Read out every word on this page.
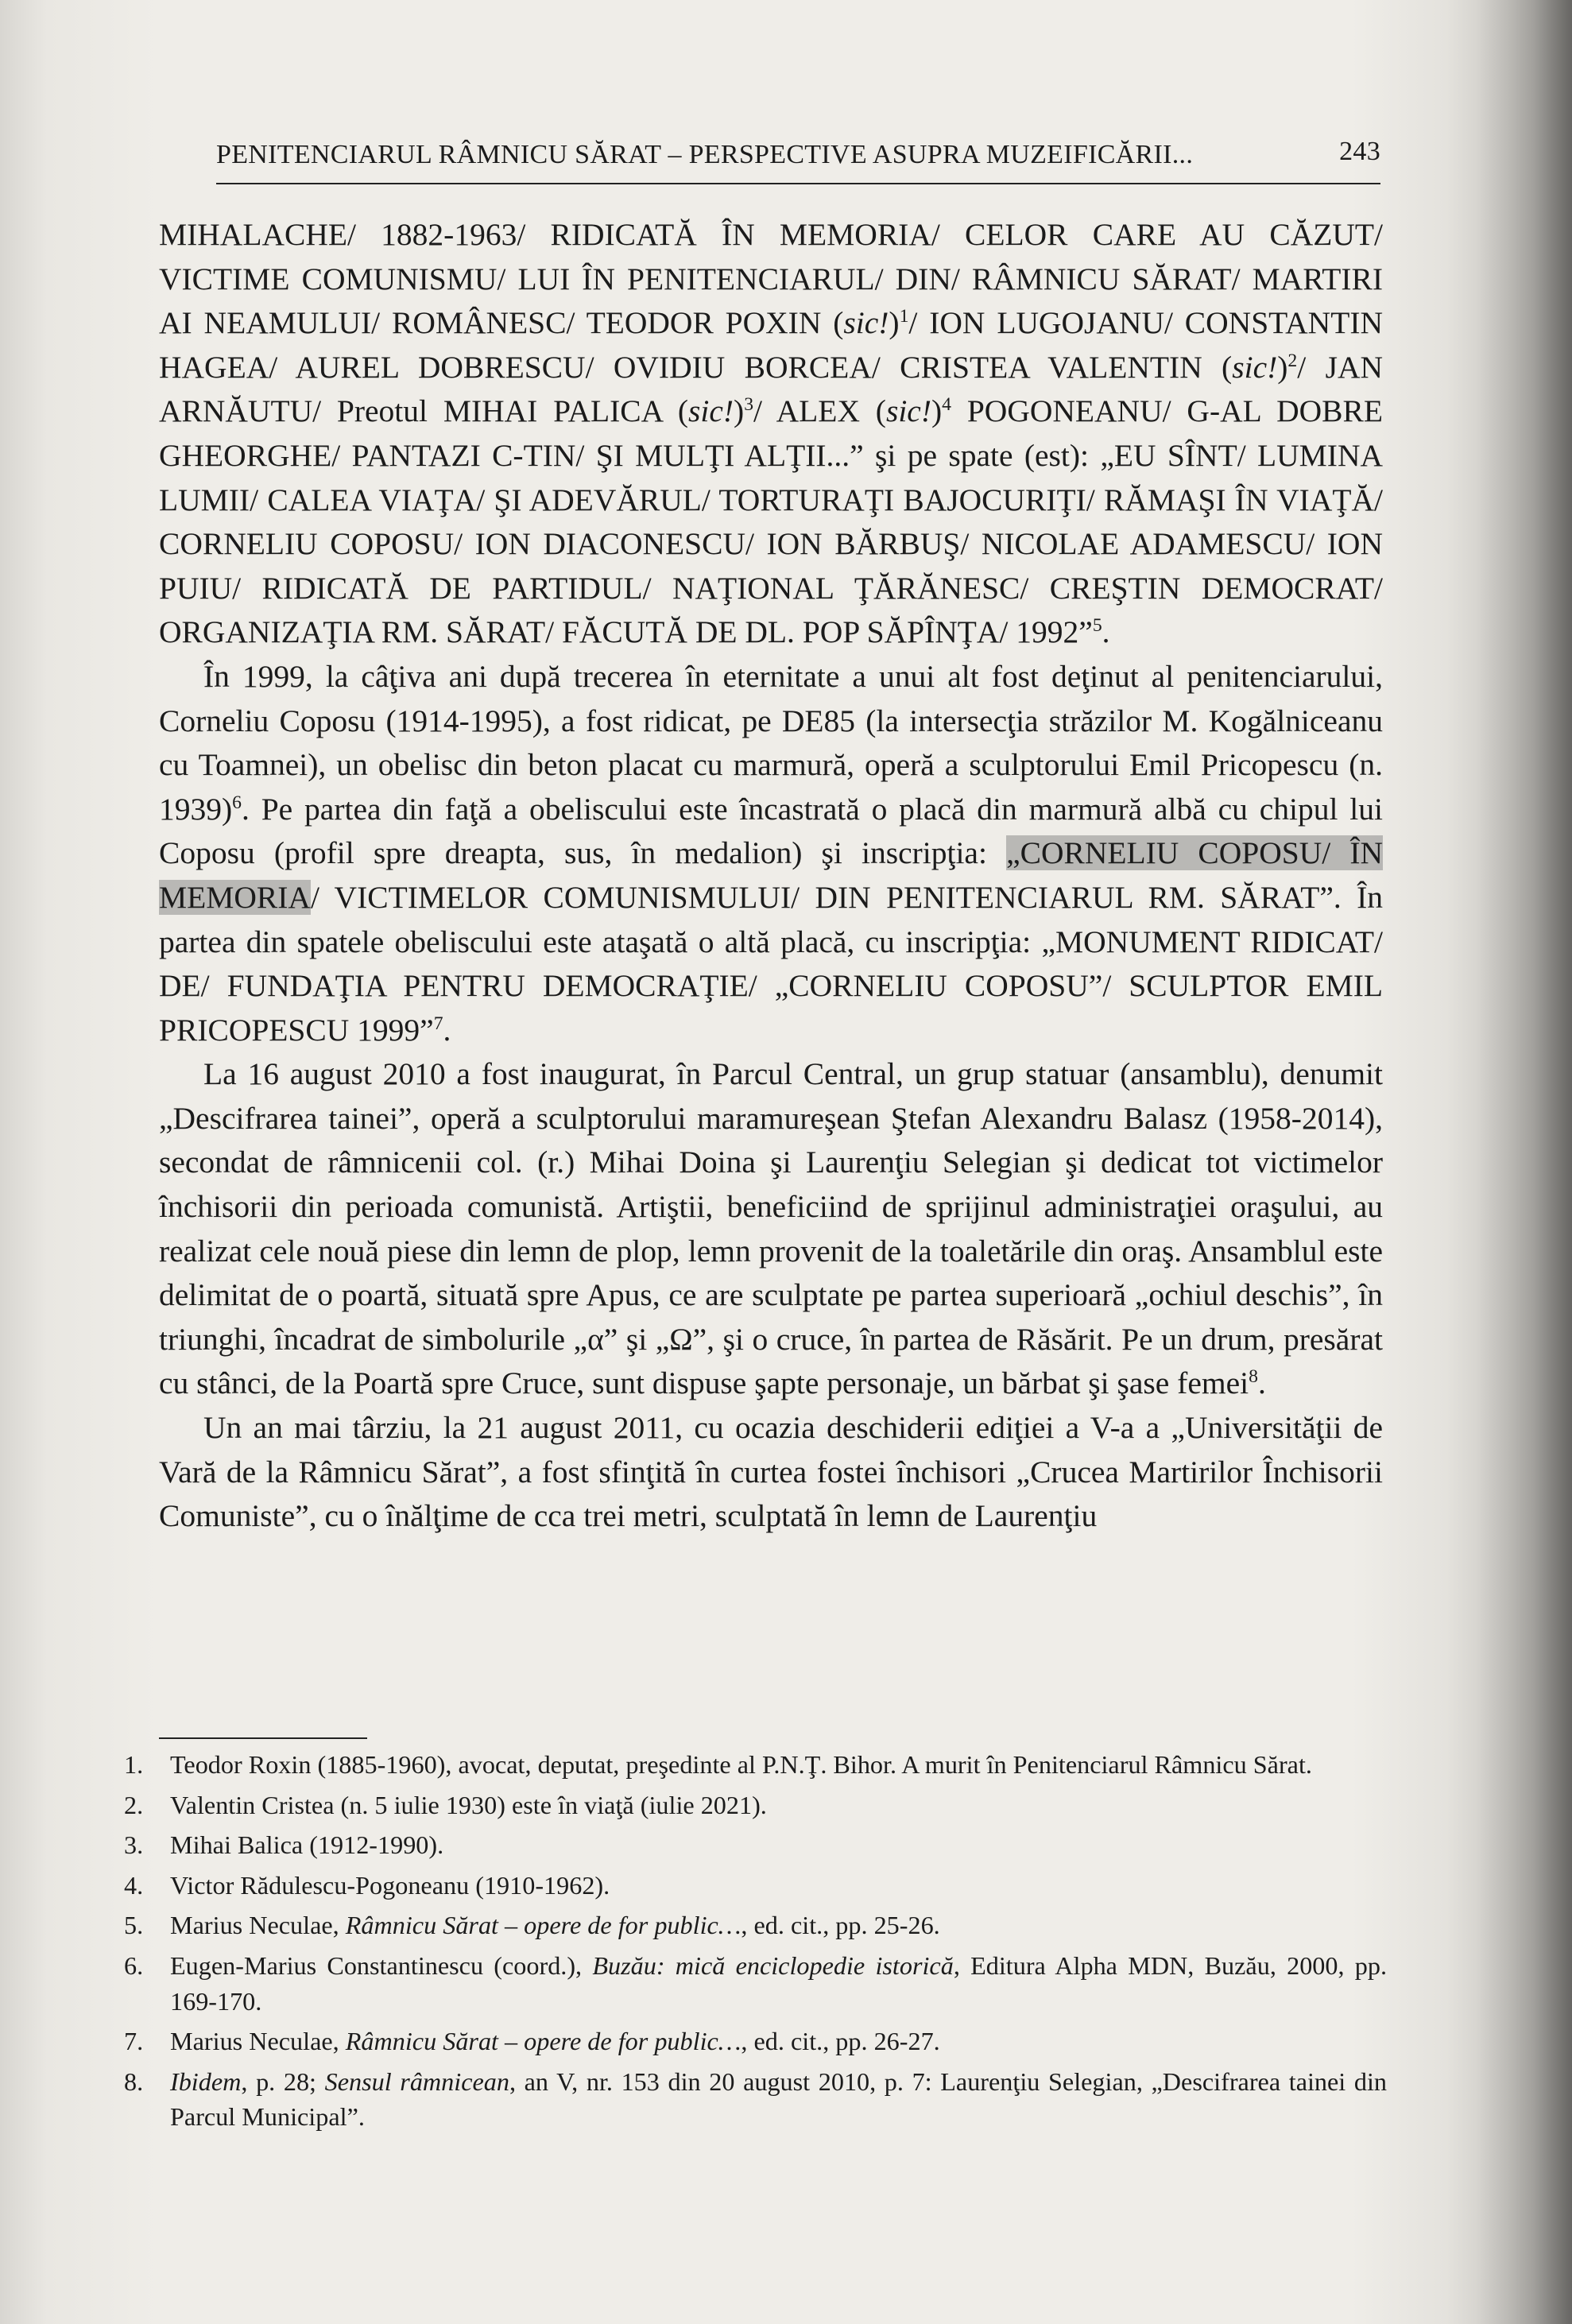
PENITENCIARUL RÂMNICU SĂRAT – PERSPECTIVE ASUPRA MUZEIFICĂRII...	243

MIHALACHE/ 1882-1963/ RIDICATĂ ÎN MEMORIA/ CELOR CARE AU CĂZUT/ VICTIME COMUNISMU/ LUI ÎN PENITENCIARUL/ DIN/ RÂMNICU SĂRAT/ MARTIRI AI NEAMULUI/ ROMÂNESC/ TEODOR POXIN $(sic!)^1/$ ION LUGOJANU/ CONSTANTIN HAGEA/ AUREL DOBRESCU/ OVIDIU BORCEA/ CRISTEA VALENTIN $(sic!)^2/$ JAN ARNĂUTU/ Preotul MIHAI PALICA $(sic!)^3/$ ALEX $(sic!)^4$ POGONEANU/ G-AL DOBRE GHEORGHE/ PANTAZI C-TIN/ ŞI MULŢI ALŢII...” şi pe spate (est): „EU SÎNT/ LUMINA LUMII/ CALEA VIAŢA/ ŞI ADEVĂRUL/ TORTURAŢI BAJOCURIŢI/ RĂMAŞI ÎN VIAŢĂ/ CORNELIU COPOSU/ ION DIACONESCU/ ION BĂRBUŞ/ NICOLAE ADAMESCU/ ION PUIU/ RIDICATĂ DE PARTIDUL/ NAŢIONAL ŢĂRĂNESC/ CREŞTIN DEMOCRAT/ ORGANIZAŢIA RM. SĂRAT/ FĂCUTĂ DE DL. POP SĂPÎNŢA/ 1992”$^5$.

În 1999, la câţiva ani după trecerea în eternitate a unui alt fost deţinut al penitenciarului, Corneliu Coposu (1914-1995), a fost ridicat, pe DE85 (la intersecţia străzilor M. Kogălniceanu cu Toamnei), un obelisc din beton placat cu marmură, operă a sculptorului Emil Pricopescu (n. 1939)$^6$. Pe partea din faţă a obeliscului este încastrată o placă din marmură albă cu chipul lui Coposu (profil spre dreapta, sus, în medalion) şi inscripţia: „CORNELIU COPOSU/ ÎN MEMORIA/ VICTIMELOR COMUNISMULUI/ DIN PENITENCIARUL RM. SĂRAT”. În partea din spatele obeliscului este ataşată o altă placă, cu inscripţia: „MONUMENT RIDICAT/ DE/ FUNDAŢIA PENTRU DEMOCRAŢIE/ „CORNELIU COPOSU”/ SCULPTOR EMIL PRICOPESCU 1999”$^7$.

La 16 august 2010 a fost inaugurat, în Parcul Central, un grup statuar (ansamblu), denumit „Descifrarea tainei”, operă a sculptorului maramureşean Ştefan Alexandru Balasz (1958-2014), secondat de râmnicenii col. (r.) Mihai Doina şi Laurenţiu Selegian şi dedicat tot victimelor închisorii din perioada comunistă. Artiştii, beneficiind de sprijinul administraţiei oraşului, au realizat cele nouă piese din lemn de plop, lemn provenit de la toaletările din oraş. Ansamblul este delimitat de o poartă, situată spre Apus, ce are sculptate pe partea superioară „ochiul deschis”, în triunghi, încadrat de simbolurile „α” şi „Ω”, şi o cruce, în partea de Răsărit. Pe un drum, presărat cu stânci, de la Poartă spre Cruce, sunt dispuse şapte personaje, un bărbat şi şase femei$^8$.

Un an mai târziu, la 21 august 2011, cu ocazia deschiderii ediţiei a V-a a „Universităţii de Vară de la Râmnicu Sărat”, a fost sfinţită în curtea fostei închisori „Crucea Martirilor Închisorii Comuniste”, cu o înălţime de cca trei metri, sculptată în lemn de Laurenţiu

1. Teodor Roxin (1885-1960), avocat, deputat, preşedinte al P.N.Ţ. Bihor. A murit în Penitenciarul Râmnicu Sărat.
2. Valentin Cristea (n. 5 iulie 1930) este în viaţă (iulie 2021).
3. Mihai Balica (1912-1990).
4. Victor Rădulescu-Pogoneanu (1910-1962).
5. Marius Neculae, Râmnicu Sărat – opere de for public…, ed. cit., pp. 25-26.
6. Eugen-Marius Constantinescu (coord.), Buzău: mică enciclopedie istorică, Editura Alpha MDN, Buzău, 2000, pp. 169-170.
7. Marius Neculae, Râmnicu Sărat – opere de for public…, ed. cit., pp. 26-27.
8. Ibidem, p. 28; Sensul râmnicean, an V, nr. 153 din 20 august 2010, p. 7: Laurenţiu Selegian, „Descifrarea tainei din Parcul Municipal”.
